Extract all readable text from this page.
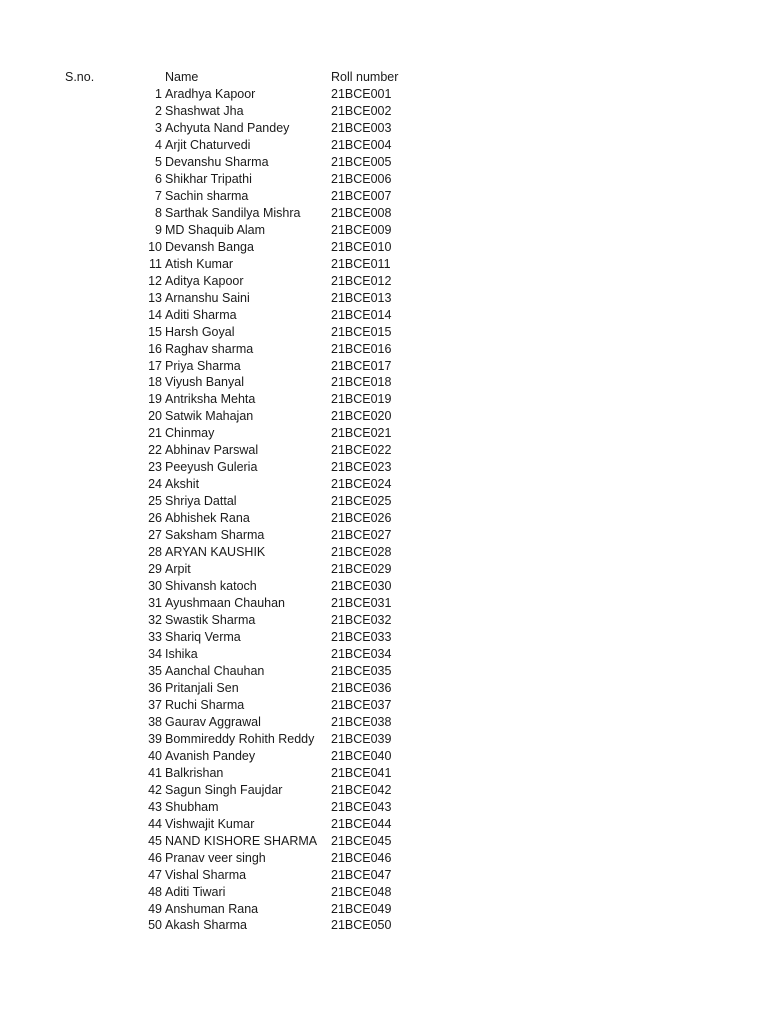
S.no.	Name	Roll number
1 Aradhya Kapoor	21BCE001
2 Shashwat Jha	21BCE002
3 Achyuta Nand Pandey	21BCE003
4 Arjit Chaturvedi	21BCE004
5 Devanshu Sharma	21BCE005
6 Shikhar Tripathi	21BCE006
7 Sachin sharma	21BCE007
8 Sarthak Sandilya Mishra 21BCE008
9 MD Shaquib Alam	21BCE009
10 Devansh Banga	21BCE010
11 Atish Kumar	21BCE011
12 Aditya Kapoor	21BCE012
13 Arnanshu Saini	21BCE013
14 Aditi Sharma	21BCE014
15 Harsh Goyal	21BCE015
16 Raghav sharma	21BCE016
17 Priya Sharma	21BCE017
18 Viyush Banyal	21BCE018
19 Antriksha Mehta	21BCE019
20 Satwik Mahajan	21BCE020
21 Chinmay	21BCE021
22 Abhinav Parswal	21BCE022
23 Peeyush Guleria	21BCE023
24 Akshit	21BCE024
25 Shriya Dattal	21BCE025
26 Abhishek Rana	21BCE026
27 Saksham Sharma	21BCE027
28 ARYAN KAUSHIK	21BCE028
29 Arpit	21BCE029
30 Shivansh katoch	21BCE030
31 Ayushmaan Chauhan	21BCE031
32 Swastik Sharma	21BCE032
33 Shariq Verma	21BCE033
34 Ishika	21BCE034
35 Aanchal Chauhan	21BCE035
36 Pritanjali Sen	21BCE036
37 Ruchi Sharma	21BCE037
38 Gaurav Aggrawal	21BCE038
39 Bommireddy Rohith Reddy 21BCE039
40 Avanish Pandey	21BCE040
41 Balkrishan	21BCE041
42 Sagun Singh Faujdar	21BCE042
43 Shubham	21BCE043
44 Vishwajit Kumar	21BCE044
45 NAND KISHORE SHARMA 21BCE045
46 Pranav veer singh	21BCE046
47 Vishal Sharma	21BCE047
48 Aditi Tiwari	21BCE048
49 Anshuman Rana	21BCE049
50 Akash Sharma	21BCE050
